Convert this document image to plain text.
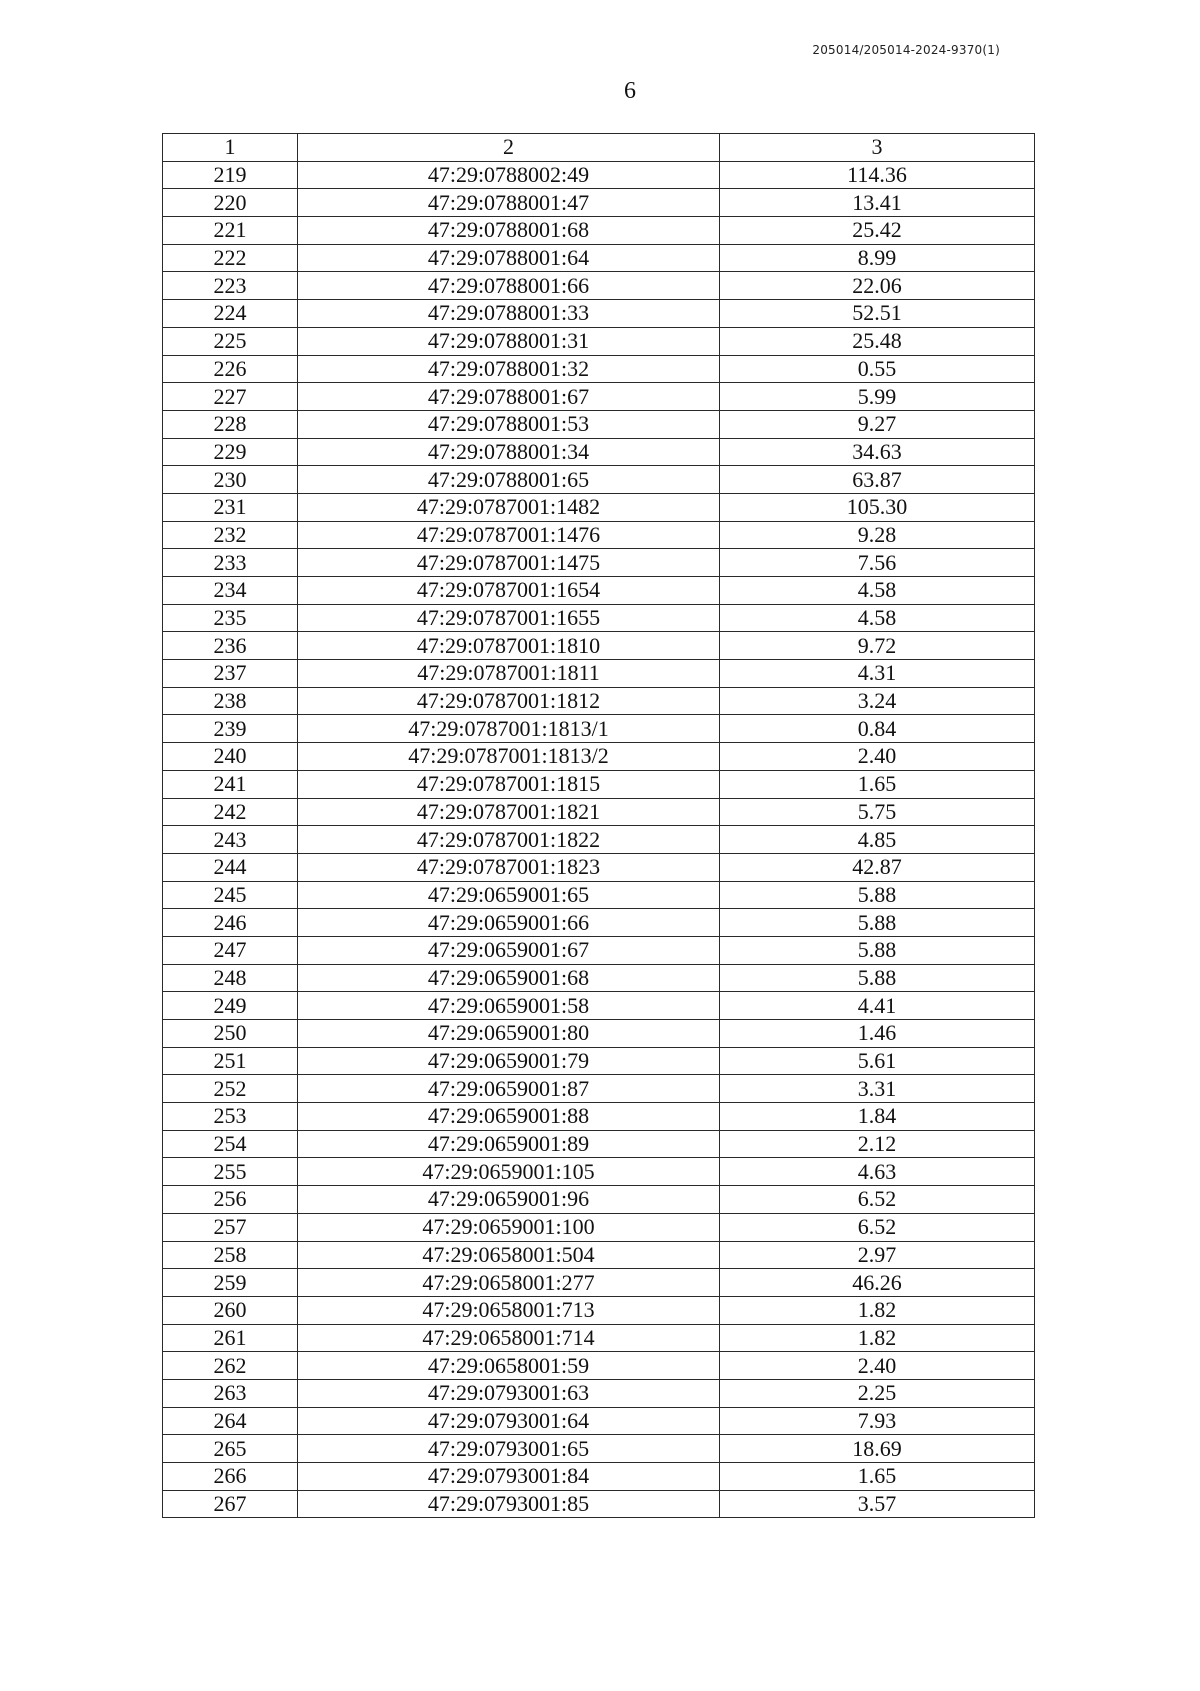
205014/205014-2024-9370(1)
6
1	2	3
219	47:29:0788002:49	114.36
220	47:29:0788001:47	13.41
221	47:29:0788001:68	25.42
222	47:29:0788001:64	8.99
223	47:29:0788001:66	22.06
224	47:29:0788001:33	52.51
225	47:29:0788001:31	25.48
226	47:29:0788001:32	0.55
227	47:29:0788001:67	5.99
228	47:29:0788001:53	9.27
229	47:29:0788001:34	34.63
230	47:29:0788001:65	63.87
231	47:29:0787001:1482	105.30
232	47:29:0787001:1476	9.28
233	47:29:0787001:1475	7.56
234	47:29:0787001:1654	4.58
235	47:29:0787001:1655	4.58
236	47:29:0787001:1810	9.72
237	47:29:0787001:1811	4.31
238	47:29:0787001:1812	3.24
239	47:29:0787001:1813/1	0.84
240	47:29:0787001:1813/2	2.40
241	47:29:0787001:1815	1.65
242	47:29:0787001:1821	5.75
243	47:29:0787001:1822	4.85
244	47:29:0787001:1823	42.87
245	47:29:0659001:65	5.88
246	47:29:0659001:66	5.88
247	47:29:0659001:67	5.88
248	47:29:0659001:68	5.88
249	47:29:0659001:58	4.41
250	47:29:0659001:80	1.46
251	47:29:0659001:79	5.61
252	47:29:0659001:87	3.31
253	47:29:0659001:88	1.84
254	47:29:0659001:89	2.12
255	47:29:0659001:105	4.63
256	47:29:0659001:96	6.52
257	47:29:0659001:100	6.52
258	47:29:0658001:504	2.97
259	47:29:0658001:277	46.26
260	47:29:0658001:713	1.82
261	47:29:0658001:714	1.82
262	47:29:0658001:59	2.40
263	47:29:0793001:63	2.25
264	47:29:0793001:64	7.93
265	47:29:0793001:65	18.69
266	47:29:0793001:84	1.65
267	47:29:0793001:85	3.57
